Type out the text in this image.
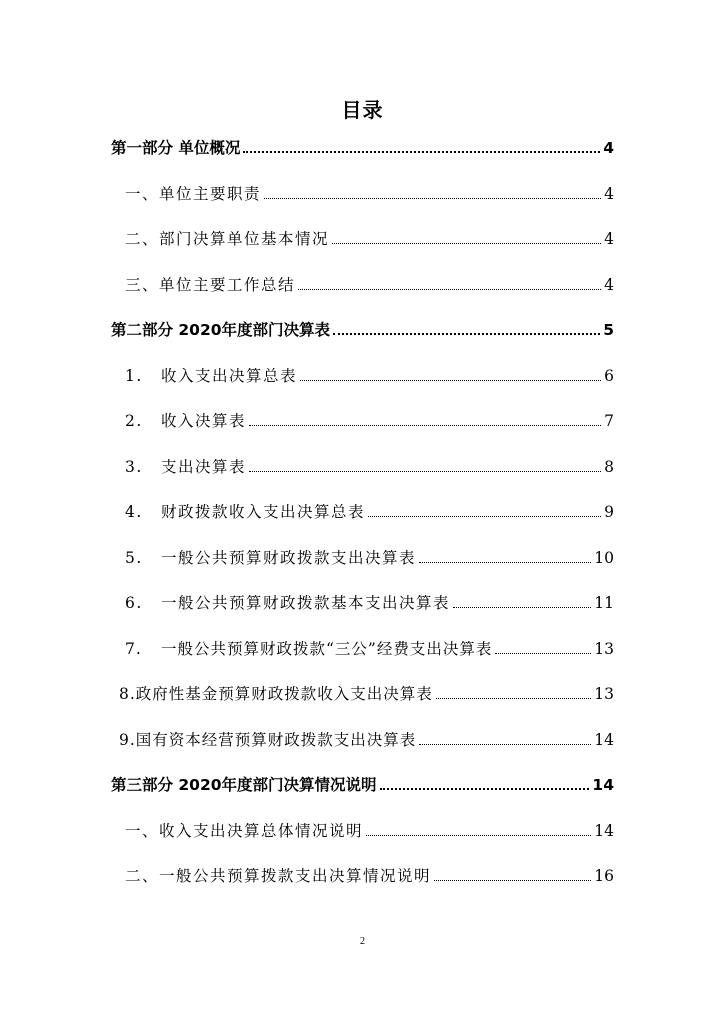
目录
第一部分 单位概况	4
一、单位主要职责	4
二、部门决算单位基本情况	4
三、单位主要工作总结	4
第二部分 2020年度部门决算表	5
1.	收入支出决算总表	6
2.	收入决算表	7
3.	支出决算表	8
4.	财政拨款收入支出决算总表	9
5.	一般公共预算财政拨款支出决算表	10
6.	一般公共预算财政拨款基本支出决算表	11
7.	一般公共预算财政拨款“三公”经费支出决算表	13
8.政府性基金预算财政拨款收入支出决算表	13
9.国有资本经营预算财政拨款支出决算表	14
第三部分 2020年度部门决算情况说明	14
一、收入支出决算总体情况说明	14
二、一般公共预算拨款支出决算情况说明	16
2
